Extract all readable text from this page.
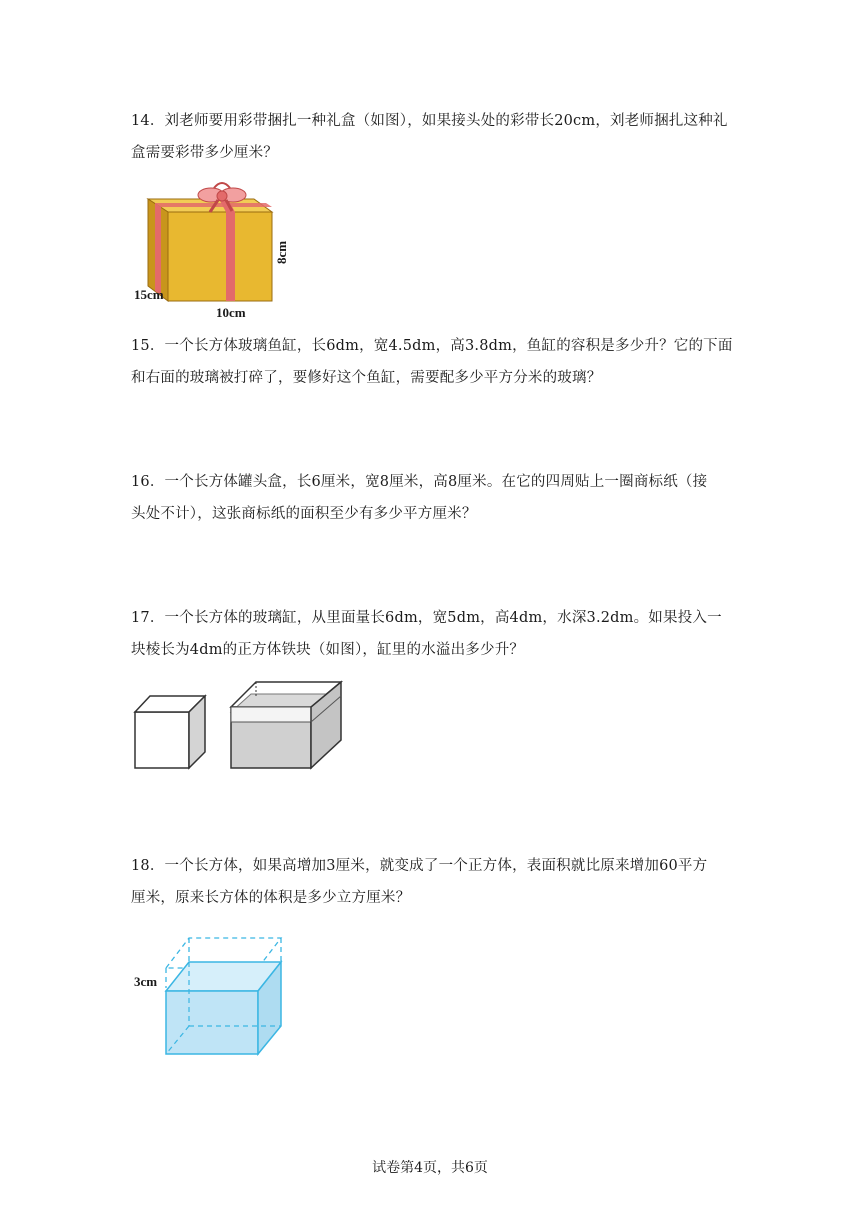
14．刘老师要用彩带捆扎一种礼盒（如图），如果接头处的彩带长20cm，刘老师捆扎这种礼

盒需要彩带多少厘米？

8cm
15cm
10cm

15．一个长方体玻璃鱼缸，长6dm，宽4.5dm，高3.8dm，鱼缸的容积是多少升？它的下面

和右面的玻璃被打碎了，要修好这个鱼缸，需要配多少平方分米的玻璃？

16．一个长方体罐头盒，长6厘米，宽8厘米，高8厘米。在它的四周贴上一圈商标纸（接

头处不计），这张商标纸的面积至少有多少平方厘米？

17．一个长方体的玻璃缸，从里面量长6dm，宽5dm，高4dm，水深3.2dm。如果投入一

块棱长为4dm的正方体铁块（如图），缸里的水溢出多少升？

18．一个长方体，如果高增加3厘米，就变成了一个正方体，表面积就比原来增加60平方

厘米，原来长方体的体积是多少立方厘米？

3cm
试卷第4页，共6页
